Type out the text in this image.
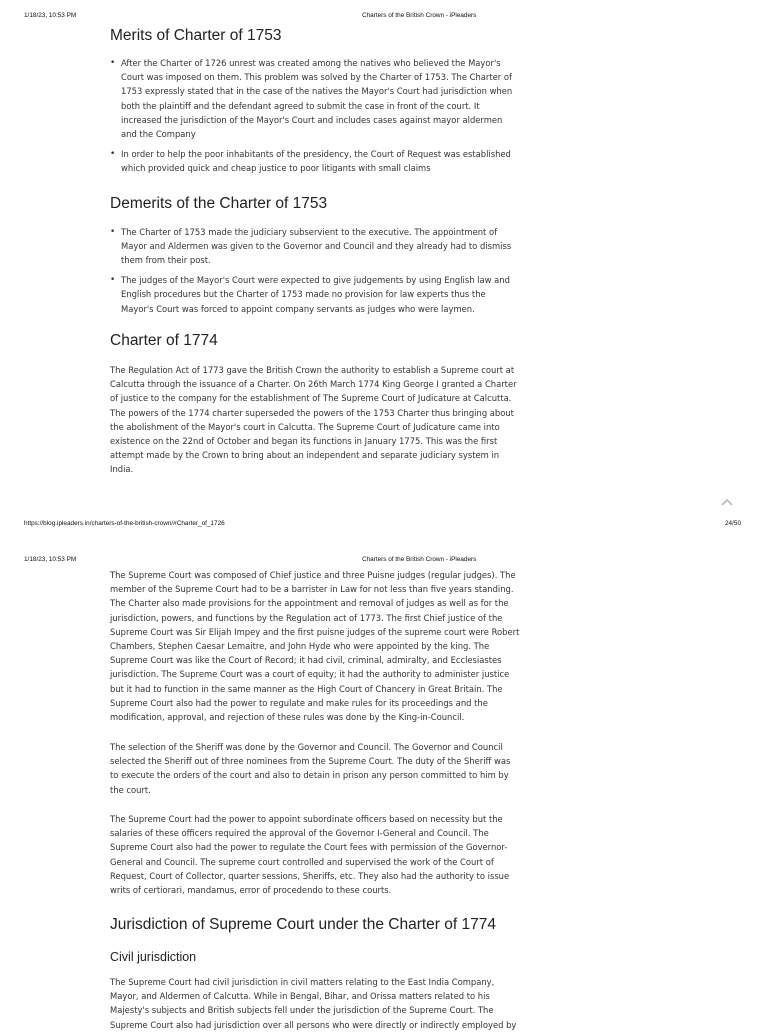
1/18/23, 10:53 PM	Charters of the British Crown - iPleaders
Merits of Charter of 1753
• After the Charter of 1726 unrest was created among the natives who believed the Mayor's Court was imposed on them. This problem was solved by the Charter of 1753. The Charter of 1753 expressly stated that in the case of the natives the Mayor's Court had jurisdiction when both the plaintiff and the defendant agreed to submit the case in front of the court. It increased the jurisdiction of the Mayor's Court and includes cases against mayor aldermen and the Company
• In order to help the poor inhabitants of the presidency, the Court of Request was established which provided quick and cheap justice to poor litigants with small claims
Demerits of the Charter of 1753
• The Charter of 1753 made the judiciary subservient to the executive. The appointment of Mayor and Aldermen was given to the Governor and Council and they already had to dismiss them from their post.
• The judges of the Mayor's Court were expected to give judgements by using English law and English procedures but the Charter of 1753 made no provision for law experts thus the Mayor's Court was forced to appoint company servants as judges who were laymen.
Charter of 1774

The Regulation Act of 1773 gave the British Crown the authority to establish a Supreme court at Calcutta through the issuance of a Charter. On 26th March 1774 King George I granted a Charter of justice to the company for the establishment of The Supreme Court of Judicature at Calcutta. The powers of the 1774 charter superseded the powers of the 1753 Charter thus bringing about the abolishment of the Mayor's court in Calcutta. The Supreme Court of Judicature came into existence on the 22nd of October and began its functions in January 1775. This was the first attempt made by the Crown to bring about an independent and separate judiciary system in India.

https://blog.ipleaders.in/charters-of-the-british-crown/#Charter_of_1726	24/50
1/18/23, 10:53 PM	Charters of the British Crown - iPleaders

The Supreme Court was composed of Chief justice and three Puisne judges (regular judges). The member of the Supreme Court had to be a barrister in Law for not less than five years standing. The Charter also made provisions for the appointment and removal of judges as well as for the jurisdiction, powers, and functions by the Regulation act of 1773. The first Chief justice of the Supreme Court was Sir Elijah Impey and the first puisne judges of the supreme court were Robert Chambers, Stephen Caesar Lemaitre, and John Hyde who were appointed by the king. The Supreme Court was like the Court of Record; it had civil, criminal, admiralty, and Ecclesiastes jurisdiction. The Supreme Court was a court of equity; it had the authority to administer justice but it had to function in the same manner as the High Court of Chancery in Great Britain. The Supreme Court also had the power to regulate and make rules for its proceedings and the modification, approval, and rejection of these rules was done by the King-in-Council.

The selection of the Sheriff was done by the Governor and Council. The Governor and Council selected the Sheriff out of three nominees from the Supreme Court. The duty of the Sheriff was to execute the orders of the court and also to detain in prison any person committed to him by the court.

The Supreme Court had the power to appoint subordinate officers based on necessity but the salaries of these officers required the approval of the Governor I-General and Council. The Supreme Court also had the power to regulate the Court fees with permission of the Governor-General and Council. The supreme court controlled and supervised the work of the Court of Request, Court of Collector, quarter sessions, Sheriffs, etc. They also had the authority to issue writs of certiorari, mandamus, error of procedendo to these courts.

Jurisdiction of Supreme Court under the Charter of 1774
Civil jurisdiction

The Supreme Court had civil jurisdiction in civil matters relating to the East India Company, Mayor, and Aldermen of Calcutta. While in Bengal, Bihar, and Orissa matters related to his Majesty's subjects and British subjects fell under the jurisdiction of the Supreme Court. The Supreme Court also had jurisdiction over all persons who were directly or indirectly employed by
